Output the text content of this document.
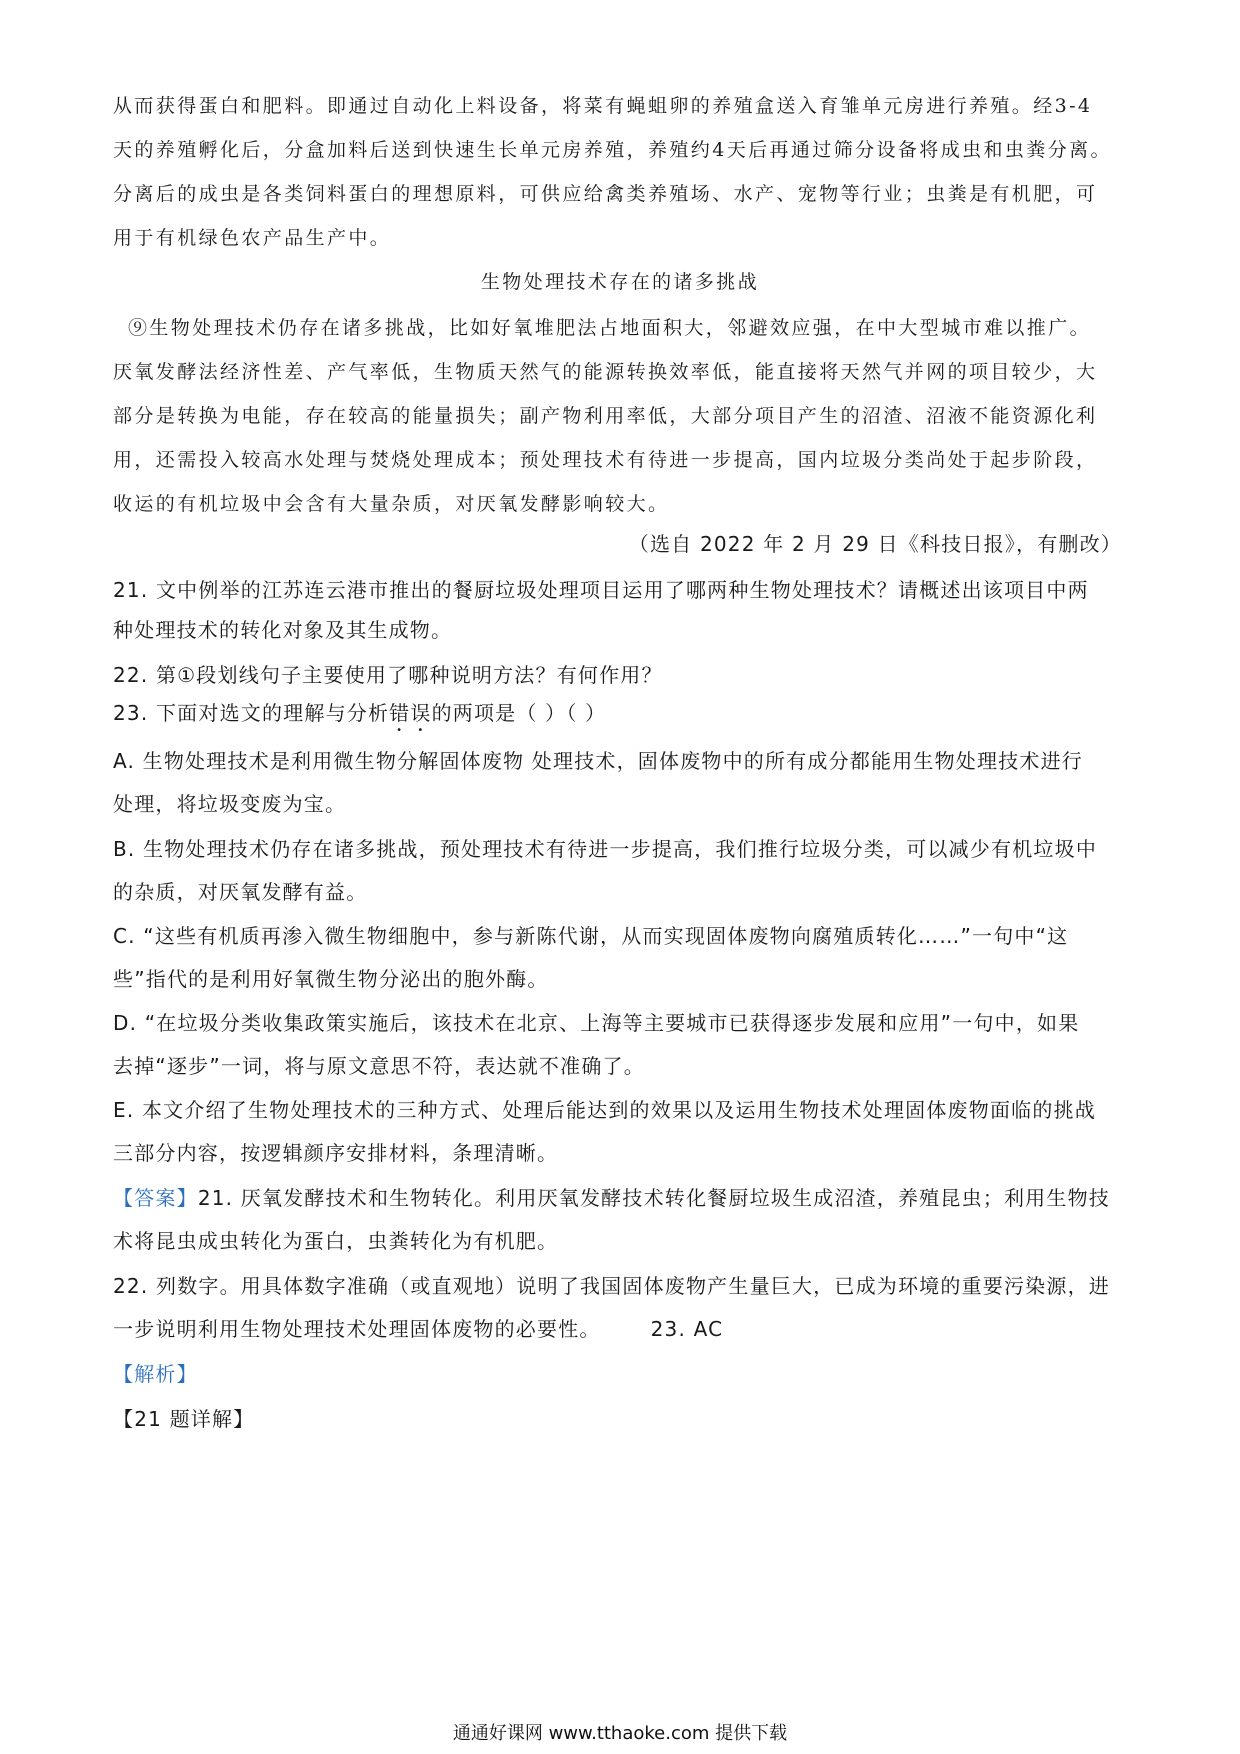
从而获得蛋白和肥料。即通过自动化上料设备，将菜有蝇蛆卵的养殖盒送入育雏单元房进行养殖。经3-4
天的养殖孵化后，分盒加料后送到快速生长单元房养殖，养殖约4天后再通过筛分设备将成虫和虫粪分离。
分离后的成虫是各类饲料蛋白的理想原料，可供应给禽类养殖场、水产、宠物等行业；虫粪是有机肥，可
用于有机绿色农产品生产中。
生物处理技术存在的诸多挑战
⑨生物处理技术仍存在诸多挑战，比如好氧堆肥法占地面积大，邻避效应强，在中大型城市难以推广。
厌氧发酵法经济性差、产气率低，生物质天然气的能源转换效率低，能直接将天然气并网的项目较少，大
部分是转换为电能，存在较高的能量损失；副产物利用率低，大部分项目产生的沼渣、沼液不能资源化利
用，还需投入较高水处理与焚烧处理成本；预处理技术有待进一步提高，国内垃圾分类尚处于起步阶段，
收运的有机垃圾中会含有大量杂质，对厌氧发酵影响较大。
（选自 2022 年 2 月 29 日《科技日报》，有删改）
21. 文中例举的江苏连云港市推出的餐厨垃圾处理项目运用了哪两种生物处理技术？请概述出该项目中两
种处理技术的转化对象及其生成物。
22. 第①段划线句子主要使用了哪种说明方法？有何作用？
23. 下面对选文的理解与分析错误的两项是（ ）（ ）
A. 生物处理技术是利用微生物分解固体废物 处理技术，固体废物中的所有成分都能用生物处理技术进行
处理，将垃圾变废为宝。
B. 生物处理技术仍存在诸多挑战，预处理技术有待进一步提高，我们推行垃圾分类，可以减少有机垃圾中
的杂质，对厌氧发酵有益。
C. “这些有机质再渗入微生物细胞中，参与新陈代谢，从而实现固体废物向腐殖质转化……”一句中“这
些”指代的是利用好氧微生物分泌出的胞外酶。
D. “在垃圾分类收集政策实施后，该技术在北京、上海等主要城市已获得逐步发展和应用”一句中，如果
去掉“逐步”一词，将与原文意思不符，表达就不准确了。
E. 本文介绍了生物处理技术的三种方式、处理后能达到的效果以及运用生物技术处理固体废物面临的挑战
三部分内容，按逻辑颜序安排材料，条理清晰。
【答案】21. 厌氧发酵技术和生物转化。利用厌氧发酵技术转化餐厨垃圾生成沼渣，养殖昆虫；利用生物技
术将昆虫成虫转化为蛋白，虫粪转化为有机肥。
22. 列数字。用具体数字准确（或直观地）说明了我国固体废物产生量巨大，已成为环境的重要污染源，进
一步说明利用生物处理技术处理固体废物的必要性。	23. AC
【解析】
【21 题详解】
通通好课网 www.tthaoke.com 提供下载
